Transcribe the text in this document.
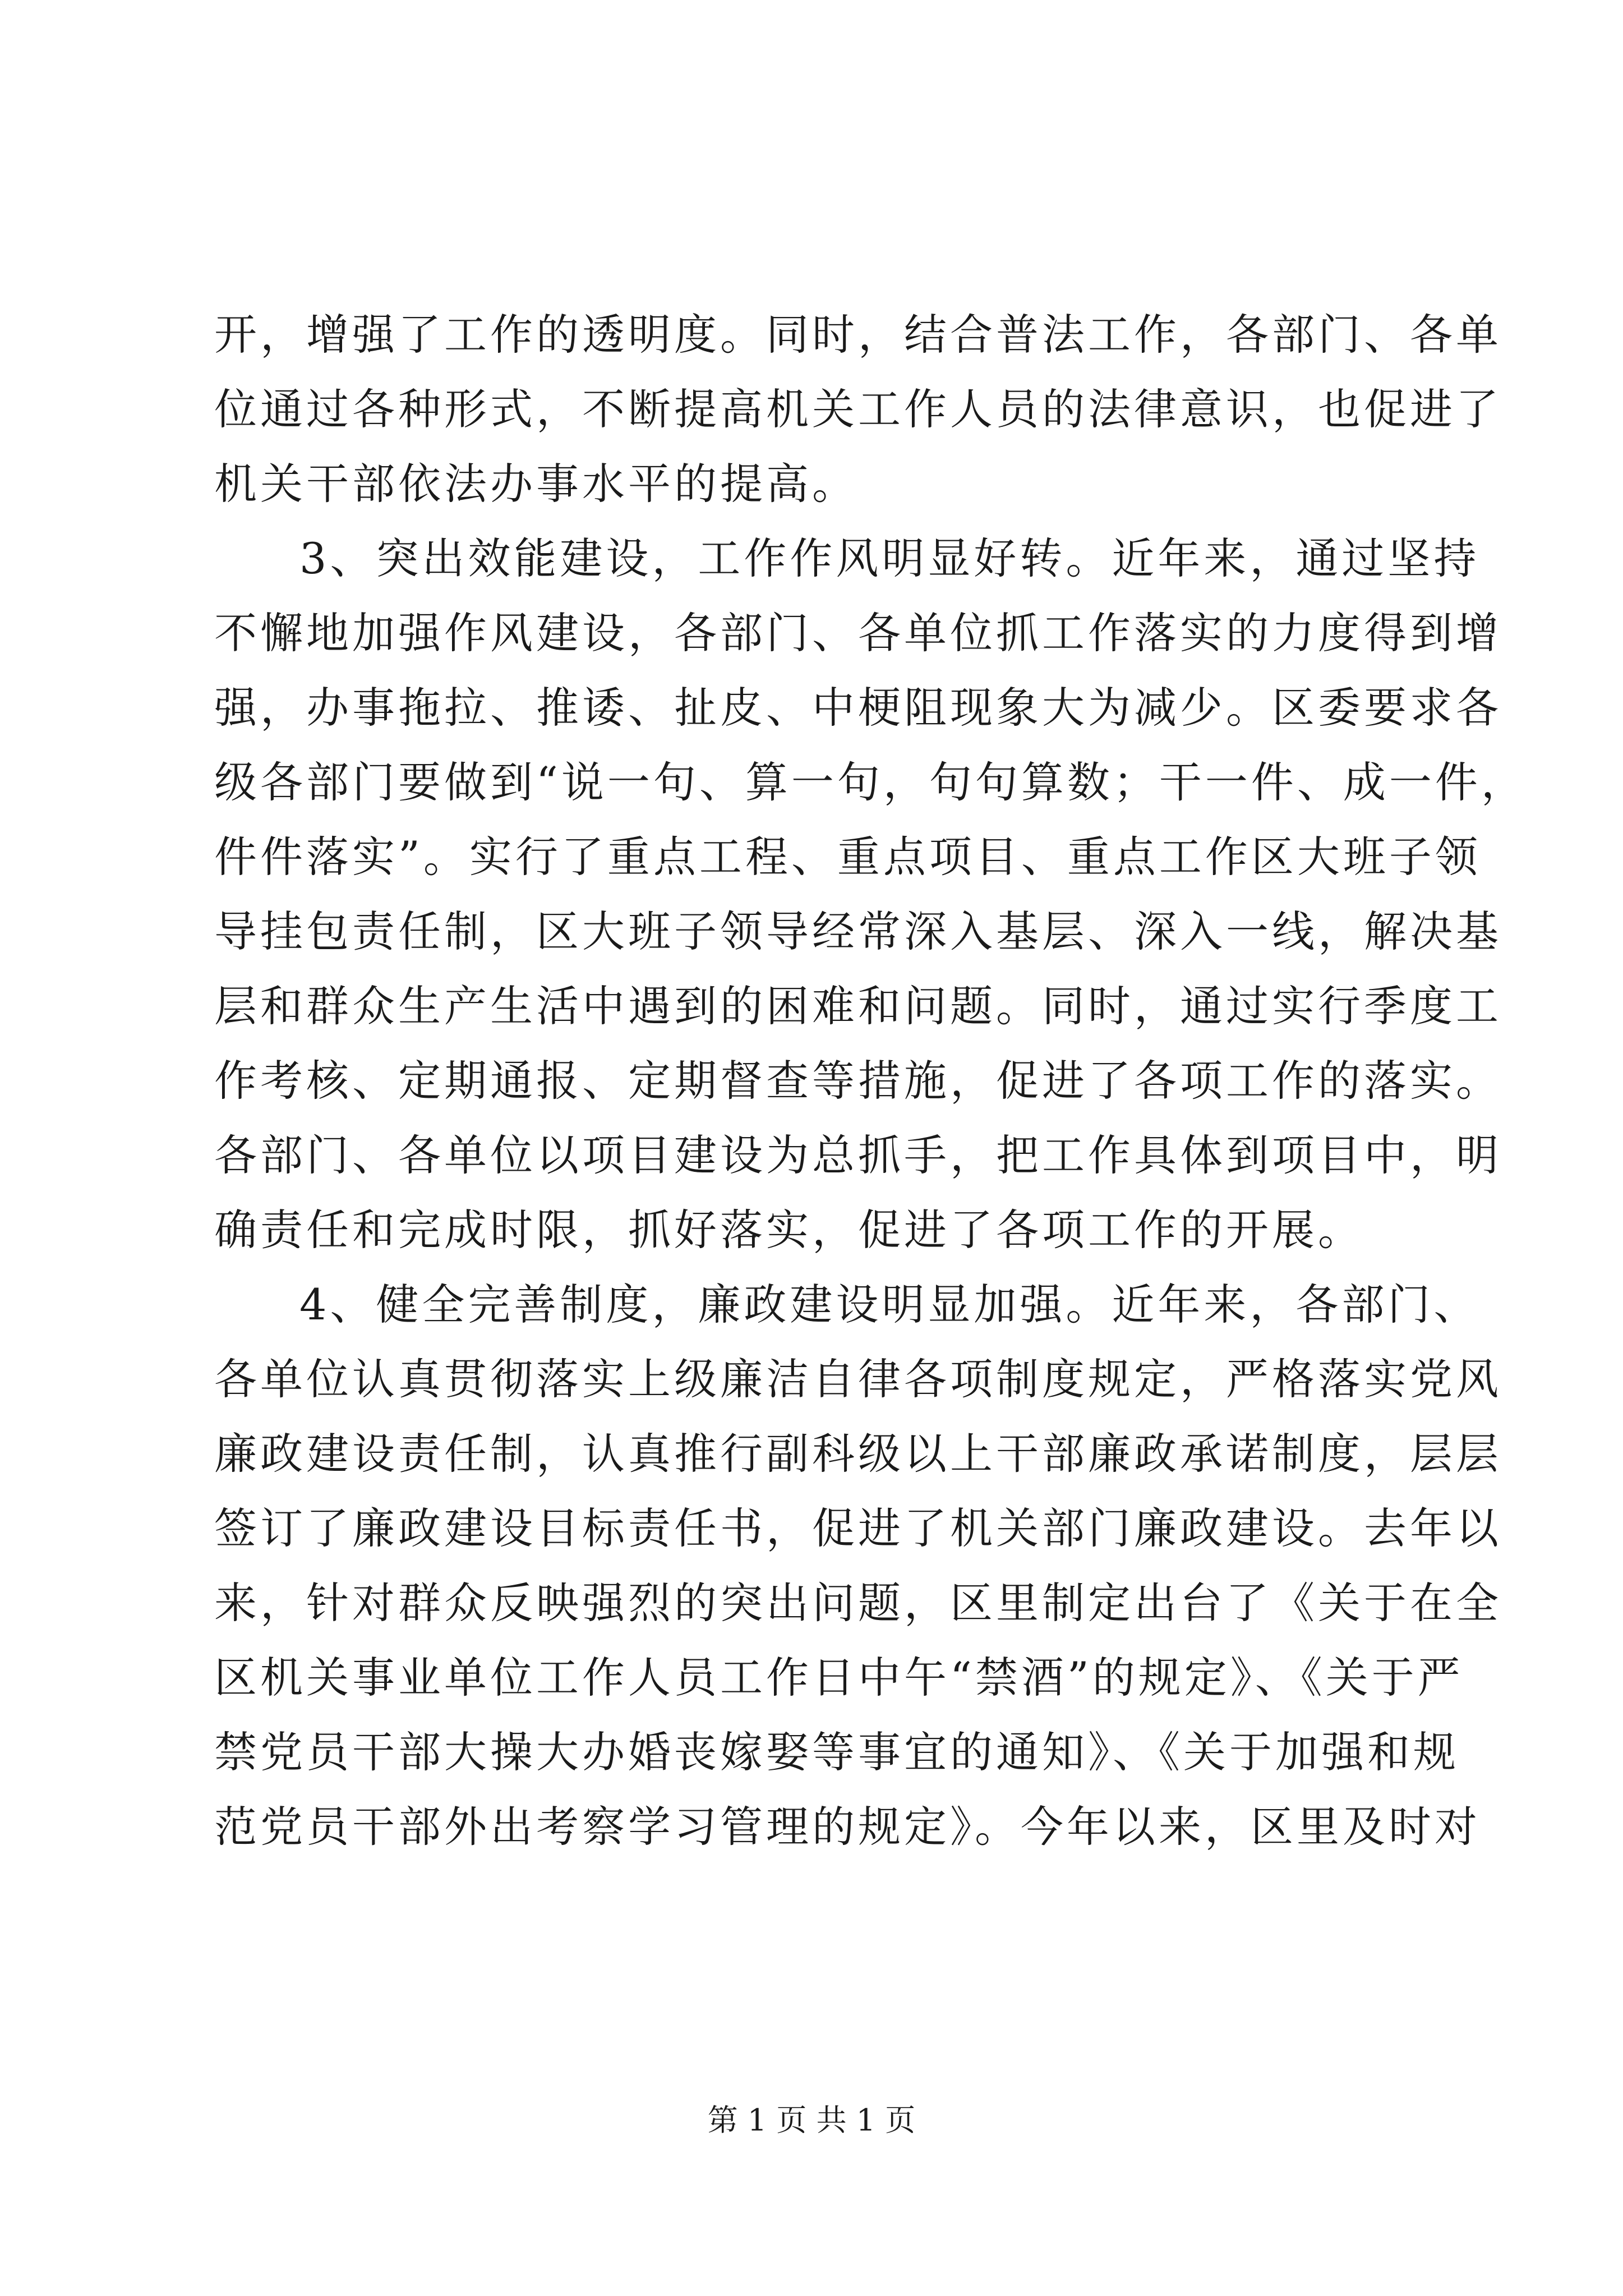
开，增强了工作的透明度。同时，结合普法工作，各部门、各单
位通过各种形式，不断提高机关工作人员的法律意识，也促进了
机关干部依法办事水平的提高。
3、突出效能建设，工作作风明显好转。近年来，通过坚持
不懈地加强作风建设，各部门、各单位抓工作落实的力度得到增
强，办事拖拉、推诿、扯皮、中梗阻现象大为减少。区委要求各
级各部门要做到“说一句、算一句，句句算数；干一件、成一件，
件件落实”。实行了重点工程、重点项目、重点工作区大班子领
导挂包责任制，区大班子领导经常深入基层、深入一线，解决基
层和群众生产生活中遇到的困难和问题。同时，通过实行季度工
作考核、定期通报、定期督查等措施，促进了各项工作的落实。
各部门、各单位以项目建设为总抓手，把工作具体到项目中，明
确责任和完成时限，抓好落实，促进了各项工作的开展。
4、健全完善制度，廉政建设明显加强。近年来，各部门、
各单位认真贯彻落实上级廉洁自律各项制度规定，严格落实党风
廉政建设责任制，认真推行副科级以上干部廉政承诺制度，层层
签订了廉政建设目标责任书，促进了机关部门廉政建设。去年以
来，针对群众反映强烈的突出问题，区里制定出台了《关于在全
区机关事业单位工作人员工作日中午“禁酒”的规定》、《关于严
禁党员干部大操大办婚丧嫁娶等事宜的通知》、《关于加强和规
范党员干部外出考察学习管理的规定》。今年以来，区里及时对
第 1 页 共 1 页
